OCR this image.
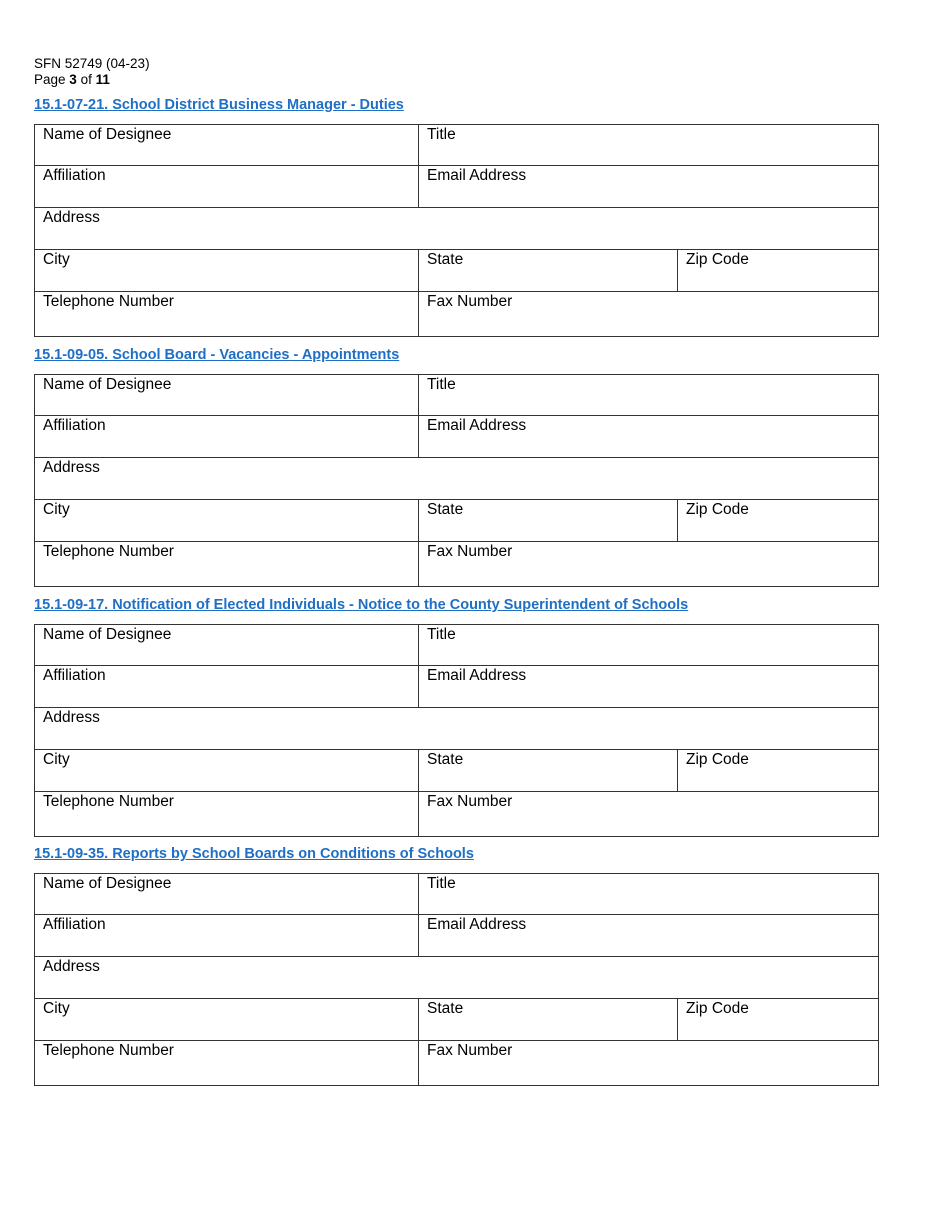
SFN 52749 (04-23)
Page 3 of 11
15.1-07-21. School District Business Manager - Duties
Name of Designee	Title
Affiliation	Email Address
Address
City	State	Zip Code
Telephone Number	Fax Number
15.1-09-05. School Board - Vacancies - Appointments
Name of Designee	Title
Affiliation	Email Address
Address
City	State	Zip Code
Telephone Number	Fax Number
15.1-09-17. Notification of Elected Individuals - Notice to the County Superintendent of Schools
Name of Designee	Title
Affiliation	Email Address
Address
City	State	Zip Code
Telephone Number	Fax Number
15.1-09-35. Reports by School Boards on Conditions of Schools
Name of Designee	Title
Affiliation	Email Address
Address
City	State	Zip Code
Telephone Number	Fax Number
